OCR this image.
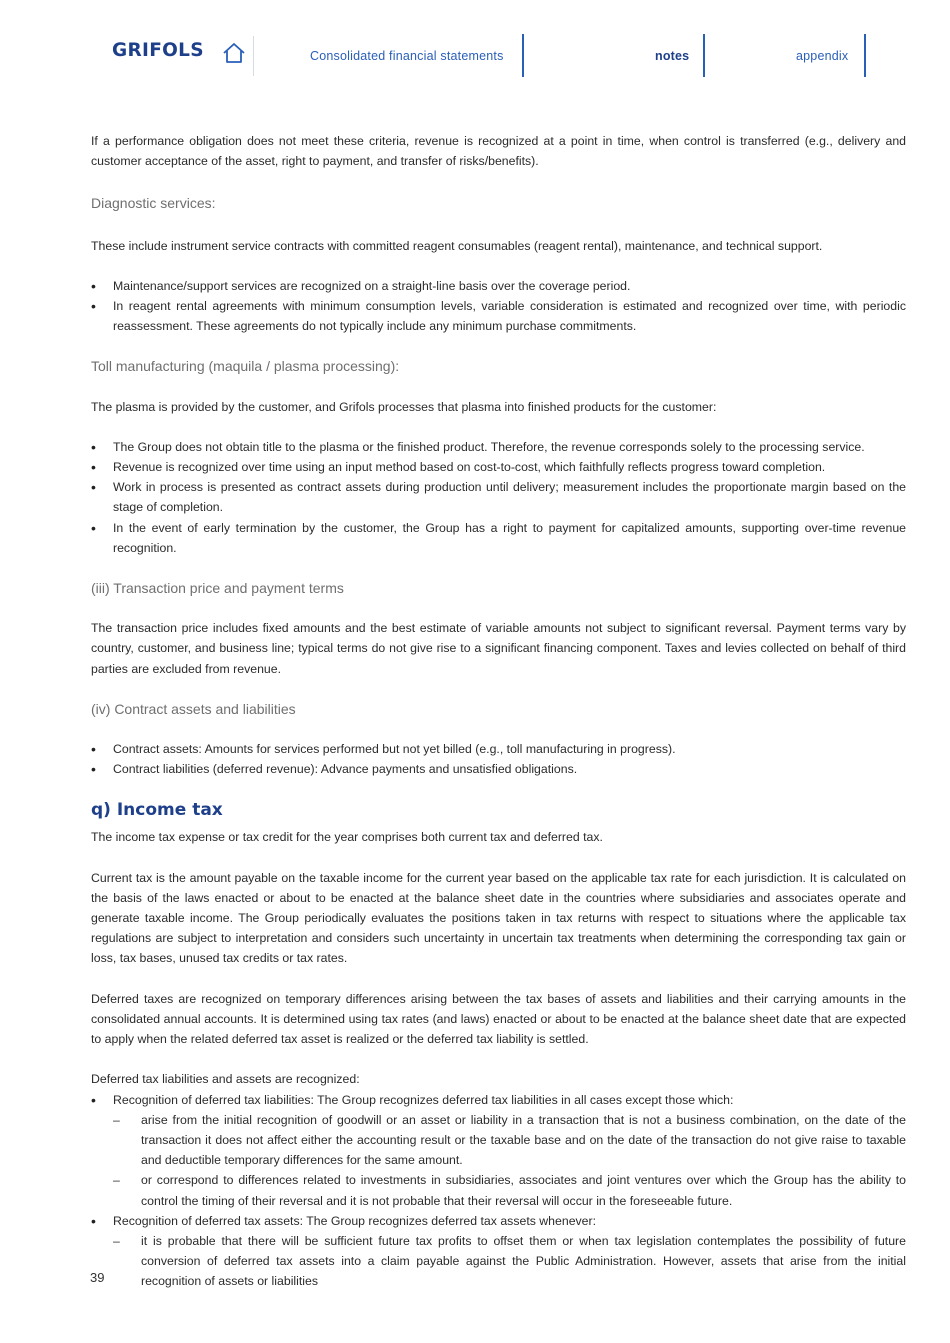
GRIFOLS	Consolidated financial statements	notes	appendix

If a performance obligation does not meet these criteria, revenue is recognized at a point in time, when control is transferred (e.g., delivery and customer acceptance of the asset, right to payment, and transfer of risks/benefits).

Diagnostic services:

These include instrument service contracts with committed reagent consumables (reagent rental), maintenance, and technical support.

• Maintenance/support services are recognized on a straight-line basis over the coverage period.
• In reagent rental agreements with minimum consumption levels, variable consideration is estimated and recognized over time, with periodic reassessment. These agreements do not typically include any minimum purchase commitments.
Toll manufacturing (maquila / plasma processing):

The plasma is provided by the customer, and Grifols processes that plasma into finished products for the customer:

• The Group does not obtain title to the plasma or the finished product. Therefore, the revenue corresponds solely to the processing service.
• Revenue is recognized over time using an input method based on cost-to-cost, which faithfully reflects progress toward completion.
• Work in process is presented as contract assets during production until delivery; measurement includes the proportionate margin based on the stage of completion.
• In the event of early termination by the customer, the Group has a right to payment for capitalized amounts, supporting over-time revenue recognition.
(iii) Transaction price and payment terms

The transaction price includes fixed amounts and the best estimate of variable amounts not subject to significant reversal. Payment terms vary by country, customer, and business line; typical terms do not give rise to a significant financing component. Taxes and levies collected on behalf of third parties are excluded from revenue.

(iv) Contract assets and liabilities
• Contract assets: Amounts for services performed but not yet billed (e.g., toll manufacturing in progress).
• Contract liabilities (deferred revenue): Advance payments and unsatisfied obligations.
q) Income tax

The income tax expense or tax credit for the year comprises both current tax and deferred tax.

Current tax is the amount payable on the taxable income for the current year based on the applicable tax rate for each jurisdiction. It is calculated on the basis of the laws enacted or about to be enacted at the balance sheet date in the countries where subsidiaries and associates operate and generate taxable income. The Group periodically evaluates the positions taken in tax returns with respect to situations where the applicable tax regulations are subject to interpretation and considers such uncertainty in uncertain tax treatments when determining the corresponding tax gain or loss, tax bases, unused tax credits or tax rates.

Deferred taxes are recognized on temporary differences arising between the tax bases of assets and liabilities and their carrying amounts in the consolidated annual accounts. It is determined using tax rates (and laws) enacted or about to be enacted at the balance sheet date that are expected to apply when the related deferred tax asset is realized or the deferred tax liability is settled.

Deferred tax liabilities and assets are recognized:

• Recognition of deferred tax liabilities: The Group recognizes deferred tax liabilities in all cases except those which:
– arise from the initial recognition of goodwill or an asset or liability in a transaction that is not a business combination, on the date of the transaction it does not affect either the accounting result or the taxable base and on the date of the transaction do not give raise to taxable and deductible temporary differences for the same amount.
– or correspond to differences related to investments in subsidiaries, associates and joint ventures over which the Group has the ability to control the timing of their reversal and it is not probable that their reversal will occur in the foreseeable future.
• Recognition of deferred tax assets: The Group recognizes deferred tax assets whenever:
– it is probable that there will be sufficient future tax profits to offset them or when tax legislation contemplates the possibility of future conversion of deferred tax assets into a claim payable against the Public Administration. However, assets that arise from the initial recognition of assets or liabilities
39
